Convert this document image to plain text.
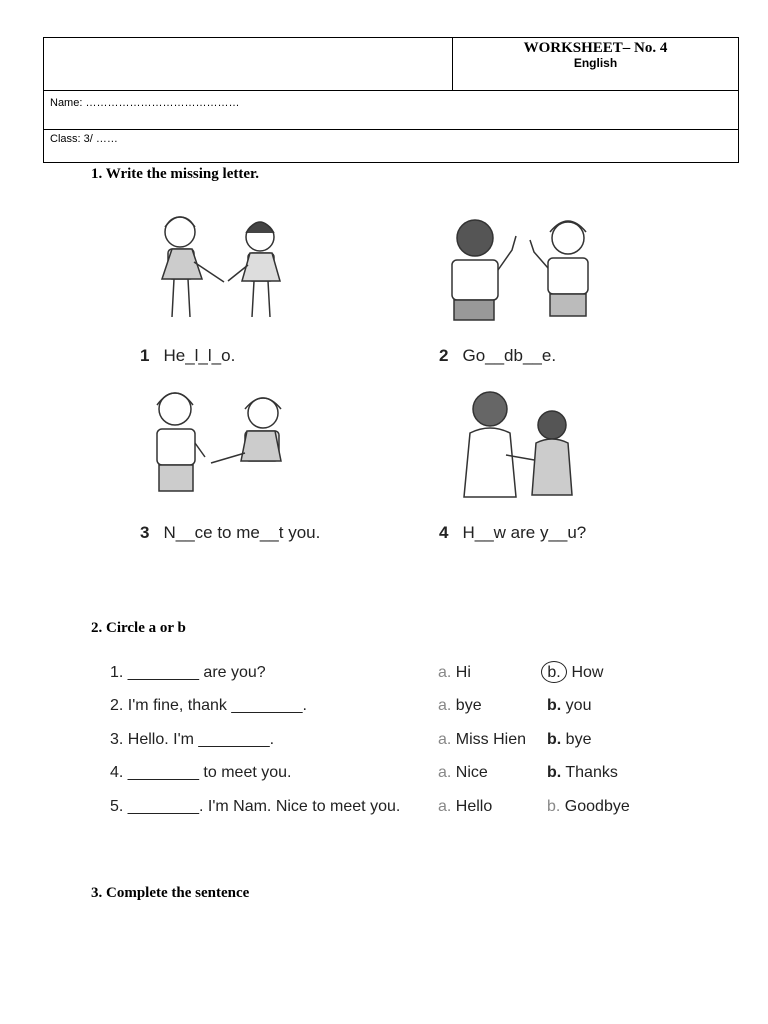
WORKSHEET– No. 4
English

Name: ……………………………………

Class: 3/ ……
1. Write the missing letter.
1 He_l_l_o.	2 Go__db__e.
3 N__ce to me__t you.	4 H__w are y__u?
2. Circle a or b
1. ________ are you?	a. Hi	b. How
2. I'm fine, thank ________.	a. bye	b. you
3. Hello. I'm ________.	a. Miss Hien b. bye
4. ________ to meet you.	a. Nice	b. Thanks
5. ________. I'm Nam. Nice to meet you. a. Hello	b. Goodbye
3. Complete the sentence
